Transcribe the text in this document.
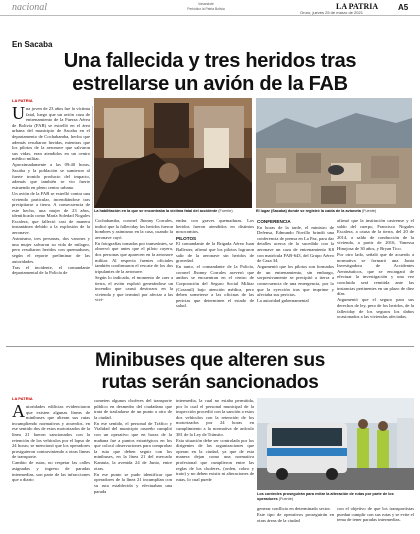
nacional	Vanandote
Periódico la Patria Bolivia	LA PATRIA
Oruro, jueves 25 de marzo de 2021
A5
En Sacaba
Una fallecida y tres heridos tras
estrellarse un avión de la FAB
LA PATRIA

Una joven de 23 años fue la víctima fatal, luego que un avión caza de entrenamiento de la Fuerza Aérea de Bolivia (FAB) se estrelló en el área urbana del municipio de Sacaba en el departamento de Cochabamba, hecho que además resultaron heridas, mientras que los pilotos de la aeronave que salvaron sus vidas, eran atendidos en un centro médico militar.

Aproximadamente a las 09:40 horas, Sacaba y la población se sumieron al fuerte tronido producto del impacto, además que también se vio fuerte estruendo en pleno centro urbano.

Un avión de la FAB se estrelló contra una vivienda particular, incendiándose tras precipitarse a tierra. A consecuencia de este hecho, una mujer de 23 años, identificada como María Soledad Nogales Escalera, que falleció casi de manera instantánea debido a la explosión de la aeronave.

Asimismo, tres personas, dos varones y una mujer salvaron su vida de milagro, pero resultaron heridos con quemaduras, según el reporte preliminar de las autoridades.

Tras el incidente, el comandante departamental de la Policía de

La habilitación en la que se encontraba la víctima fatal del accidente (Fuente)	El lugar (Sacaba) donde se registró la caída de la avioneta (Fuente)

Cochabamba, coronel Jhonny Corrales, indicó que la falleciday los heridos fueron hombres y asimismo en la casa, cuando la aeronave cayó.

En fotografías tomadas por transeúntes, se observó que antes que el piloto cayera, dos personas que aparecen en la aeronave militar. Al respecto fuentes oficiales también confirmaron el rescate de los dos tripulantes de la aeronave.

Según lo indicado, el momento de caer a tierra, el avión explotó generándose un incendio que causó destrozos en la vivienda y que terminó por afectar a las vivi-

endas con graves quemaduras. Los heridos fueron atendidos en distintos nosocomios.

PILOTOS

El comandante de la Brigada Aérea Juan Ballester, afirmó que los pilotos lograron salir de la aeronave sin heridos de gravedad.

En tanto, el comandante de la Policía, coronel Jhonny Corrales aseveró que ambos se encuentran en el centro de Corporación del Seguro Social Militar (Cossmil) bajo atención médica, pero deben someterse a las oficinas de las pericias que determinen el estado de salud.

CONFERENCIA

En horas de la tarde, el ministro de Defensa, Edmundo Novillo brindó una conferencia de prensa en La Paz, para dar detalles acerca de lo sucedido con la aeronave un caza de entrenamiento K8 con matrícula FAB-643, del Grupo Aéreo de Caza 34.

Argumentó que los pilotos son formados de un entrenamiento, sin embargo, sorpresivamente se precipitó a tierra a consecuencia de una emergencia, por lo que la eyección tras que imprime y afectaba sus pericias.

La autoridad gubernamental

afirmó que la institución castrense y el saldo del cuerpo, Francisco Nogales Escalera, a causa de la tierra, del 20 de 2014, a saldo de conducción de la vivienda, a partir de 2016, Vanessa Hinojosa de 30 años, y Bryan Tico.

Por otro lado, señaló que de acuerdo a normativa se formará una Junta Investigadora de Accidentes Aeronáuticos, que se encargará de efectuar la investigación y una vez concluida será remitida ante las instancias pertinentes en un plazo de diez días.

Argumentó que el seguro para sus derechos de ley, pero de los heridos, de la falleciday de los seguros los daños ocasionados a las viviendas afectadas.

Minibuses que alteren sus
rutas serán sancionados
LA PATRIA

Autoridades edilicias evidenciaron que existen algunas líneas de minibuses que alteran sus rutas incumpliendo normativas y acuerdos, en ese sentido dos de estos motorizados de la línea 21 fueron sancionados con la retención de los vehículos por el lapso de 24 horas; se mencionó que los operadores prosiguieron contraviniendo a otras líneas de transporte.

Cambio de rutas, no respetar las calles asignadas y ingreso de paradas intermedias, son parte de las infracciones que a diario

cometen algunos choferes del transporte público en desmedro del ciudadano que trata de trasladarse de un punto a otro de la ciudad.

En ese sentido, el personal de Tráfico y Vialidad del municipio orureño cumplió con un operativo que en horas de la mañana fue a puntos estratégicos en los que colocó observaciones para comprobar la ruta que deben seguir con los minibuses, en la línea 21 del mercado Kantuta, la avenida 24 de Junio, entre otras.

En ese punto se pudo identificar que operadores de la línea 21 incumplían con su ruta establecida y efectuaban una parada

intermedia, la cual no estaba permitida, por lo cual el personal municipal de la inspección procedió con la sanción a estos dos vehículos con la retención de los motorizados por 24 horas en cumplimiento a la normativa de artículo 381 de la Ley de Tránsito.

Esta situación debe ser controlada por los dirigentes de las organizaciones que operan en la ciudad, ya que de esta manera dejan como una normativa profesional que cumplieron entre las reglas de los choferes, (orden, cobro y trato) y no deben existir ni alteraciones de rutas, lo cual puede

Los controles proseguirán para evitar la alteración de rutas por parte de los operadores (Fuente)

generar conflicto en determinado sector.

Este tipo de operativos proseguirán en otras áreas de la ciudad

con el objetivo de que los transportistas puedan cumplir con sus rutas y se evite el tema de tener paradas intermedias.
